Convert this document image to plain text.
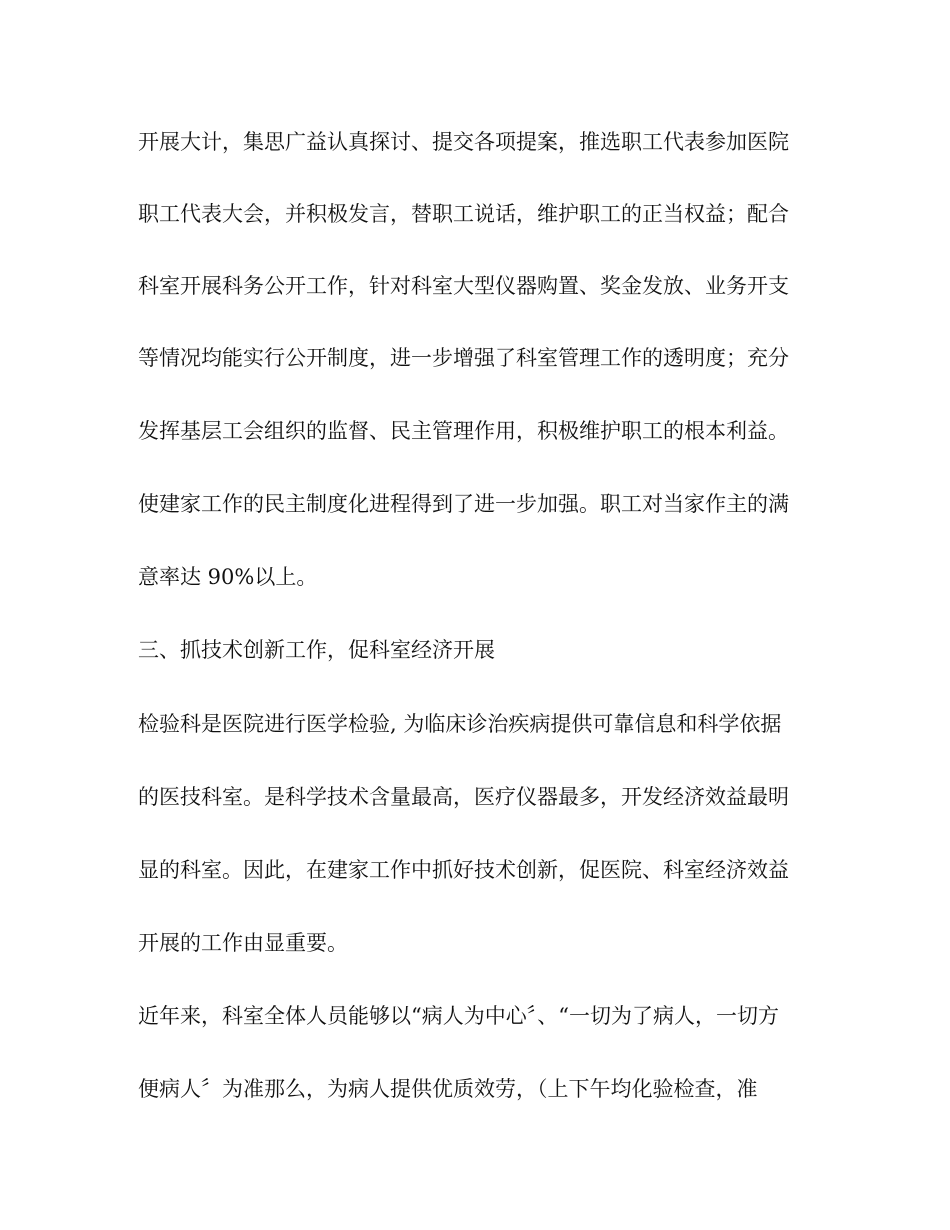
开展大计，集思广益认真探讨、提交各项提案，推选职工代表参加医院
职工代表大会，并积极发言，替职工说话，维护职工的正当权益；配合
科室开展科务公开工作，针对科室大型仪器购置、奖金发放、业务开支
等情况均能实行公开制度，进一步增强了科室管理工作的透明度；充分
发挥基层工会组织的监督、民主管理作用，积极维护职工的根本利益。
使建家工作的民主制度化进程得到了进一步加强。职工对当家作主的满
意率达 90%以上。
三、抓技术创新工作，促科室经济开展
检验科是医院进行医学检验, 为临床诊治疾病提供可靠信息和科学依据
的医技科室。是科学技术含量最高，医疗仪器最多，开发经济效益最明
显的科室。因此，在建家工作中抓好技术创新，促医院、科室经济效益
开展的工作由显重要。
近年来，科室全体人员能够以“病人为中心〞、“一切为了病人，一切方
便病人〞为准那么，为病人提供优质效劳，（上下午均化验检查，准
